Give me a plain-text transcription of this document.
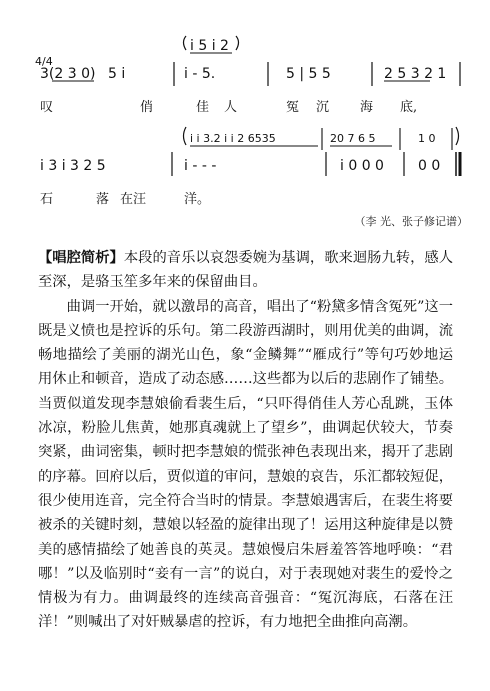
i 5 i 2
4/4
3(2 3 0) 5 i	i - 5.	5 | 5 5	2 5 3 2 1
i i 3.2 i i 2 6535	20 7 6 5	1 0
i 3 i 3 2 5	i - - -	i 0 0 0 0 0
叹	俏	佳 人	冤 沉 海 底,
石	落 在汪	洋。
（李 光、张子修记谱）

【唱腔简析】本段的音乐以哀怨委婉为基调，歌来迴肠九转，感人至深，是骆玉笙多年来的保留曲目。

曲调一开始，就以激昂的高音，唱出了“粉黛多情含冤死”这一既是义愤也是控诉的乐句。第二段游西湖时，则用优美的曲调，流畅地描绘了美丽的湖光山色，象“金鳞舞”“雁成行”等句巧妙地运用休止和顿音，造成了动态感……这些都为以后的悲剧作了铺垫。当贾似道发现李慧娘偷看裴生后，“只吓得俏佳人芳心乱跳，玉体冰凉，粉脸儿焦黄，她那真魂就上了望乡”，曲调起伏较大，节奏突紧，曲词密集，顿时把李慧娘的慌张神色表现出来，揭开了悲剧的序幕。回府以后，贾似道的审问，慧娘的哀告，乐汇都较短促，很少使用连音，完全符合当时的情景。李慧娘遇害后，在裴生将要被杀的关键时刻，慧娘以轻盈的旋律出现了！运用这种旋律是以赞美的感情描绘了她善良的英灵。慧娘慢启朱唇羞答答地呼唤：“君哪！”以及临别时“妾有一言”的说白，对于表现她对裴生的爱怜之情极为有力。曲调最终的连续高音强音：“冤沉海底，石落在汪洋！”则喊出了对奸贼暴虐的控诉，有力地把全曲推向高潮。
